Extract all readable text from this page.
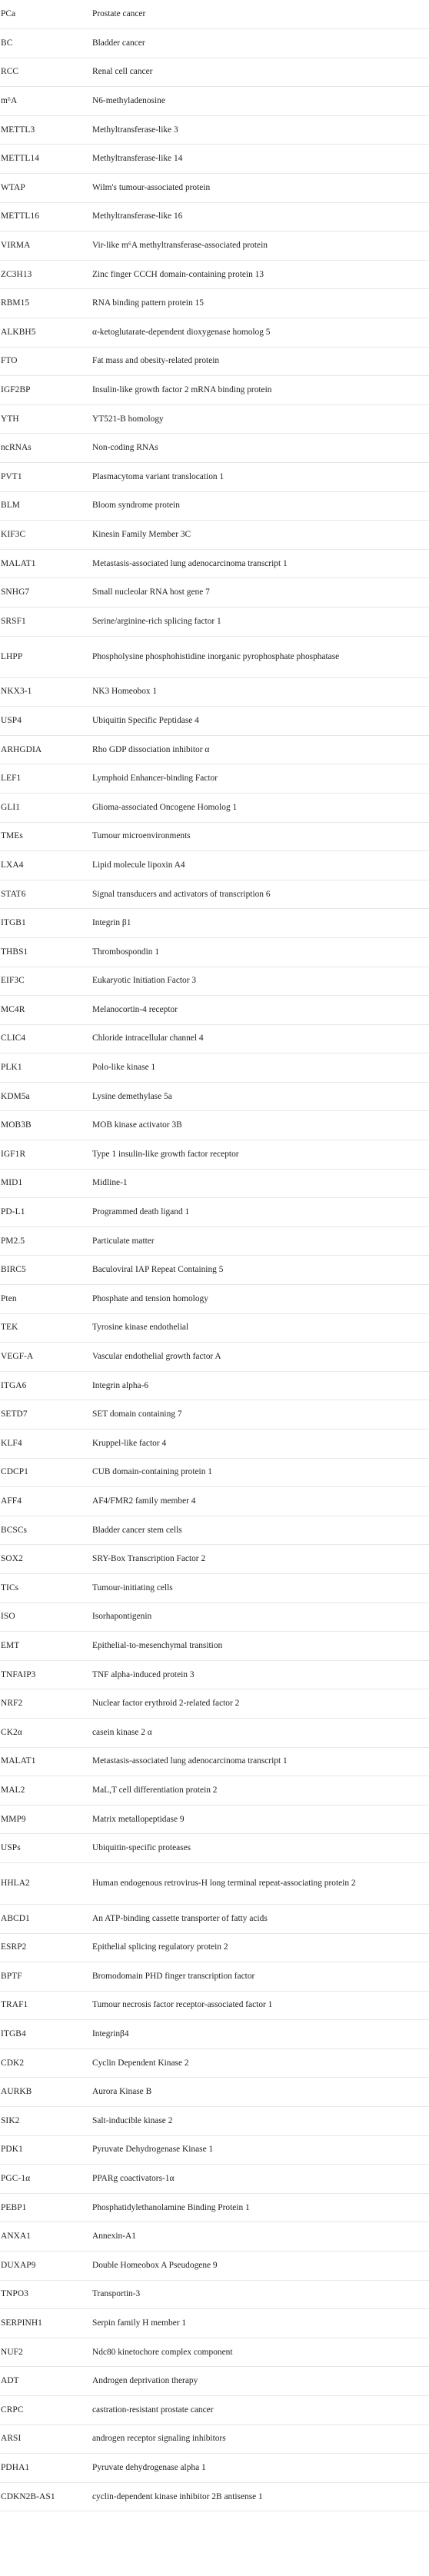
PCa	Prostate cancer
BC	Bladder cancer
RCC	Renal cell cancer
m⁶A	N6-methyladenosine
METTL3	Methyltransferase-like 3
METTL14	Methyltransferase-like 14
WTAP	Wilm's tumour-associated protein
METTL16	Methyltransferase-like 16
VIRMA	Vir-like m⁶A methyltransferase-associated protein
ZC3H13	Zinc finger CCCH domain-containing protein 13
RBM15	RNA binding pattern protein 15
ALKBH5	α-ketoglutarate-dependent dioxygenase homolog 5
FTO	Fat mass and obesity-related protein
IGF2BP	Insulin-like growth factor 2 mRNA binding protein
YTH	YT521-B homology
ncRNAs	Non-coding RNAs
PVT1	Plasmacytoma variant translocation 1
BLM	Bloom syndrome protein
KIF3C	Kinesin Family Member 3C
MALAT1	Metastasis-associated lung adenocarcinoma transcript 1
SNHG7	Small nucleolar RNA host gene 7
SRSF1	Serine/arginine-rich splicing factor 1
LHPP	Phospholysine phosphohistidine inorganic pyrophosphate phosphatase
NKX3-1	NK3 Homeobox 1
USP4	Ubiquitin Specific Peptidase 4
ARHGDIA	Rho GDP dissociation inhibitor α
LEF1	Lymphoid Enhancer-binding Factor
GLI1	Glioma-associated Oncogene Homolog 1
TMEs	Tumour microenvironments
LXA4	Lipid molecule lipoxin A4
STAT6	Signal transducers and activators of transcription 6
ITGB1	Integrin β1
THBS1	Thrombospondin 1
EIF3C	Eukaryotic Initiation Factor 3
MC4R	Melanocortin-4 receptor
CLIC4	Chloride intracellular channel 4
PLK1	Polo-like kinase 1
KDM5a	Lysine demethylase 5a
MOB3B	MOB kinase activator 3B
IGF1R	Type 1 insulin-like growth factor receptor
MID1	Midline-1
PD-L1	Programmed death ligand 1
PM2.5	Particulate matter
BIRC5	Baculoviral IAP Repeat Containing 5
Pten	Phosphate and tension homology
TEK	Tyrosine kinase endothelial
VEGF-A	Vascular endothelial growth factor A
ITGA6	Integrin alpha-6
SETD7	SET domain containing 7
KLF4	Kruppel-like factor 4
CDCP1	CUB domain-containing protein 1
AFF4	AF4/FMR2 family member 4
BCSCs	Bladder cancer stem cells
SOX2	SRY-Box Transcription Factor 2
TICs	Tumour-initiating cells
ISO	Isorhapontigenin
EMT	Epithelial-to-mesenchymal transition
TNFAIP3	TNF alpha-induced protein 3
NRF2	Nuclear factor erythroid 2-related factor 2
CK2α	casein kinase 2 α
MALAT1	Metastasis-associated lung adenocarcinoma transcript 1
MAL2	MaL,T cell differentiation protein 2
MMP9	Matrix metallopeptidase 9
USPs	Ubiquitin-specific proteases
HHLA2	Human endogenous retrovirus-H long terminal repeat-associating protein 2
ABCD1	An ATP-binding cassette transporter of fatty acids
ESRP2	Epithelial splicing regulatory protein 2
BPTF	Bromodomain PHD finger transcription factor
TRAF1	Tumour necrosis factor receptor-associated factor 1
ITGB4	Integrinβ4
CDK2	Cyclin Dependent Kinase 2
AURKB	Aurora Kinase B
SIK2	Salt-inducible kinase 2
PDK1	Pyruvate Dehydrogenase Kinase 1
PGC-1α	PPARg coactivators-1α
PEBP1	Phosphatidylethanolamine Binding Protein 1
ANXA1	Annexin-A1
DUXAP9	Double Homeobox A Pseudogene 9
TNPO3	Transportin-3
SERPINH1	Serpin family H member 1
NUF2	Ndc80 kinetochore complex component
ADT	Androgen deprivation therapy
CRPC	castration-resistant prostate cancer
ARSI	androgen receptor signaling inhibitors
PDHA1	Pyruvate dehydrogenase alpha 1
CDKN2B-AS1	cyclin-dependent kinase inhibitor 2B antisense 1
